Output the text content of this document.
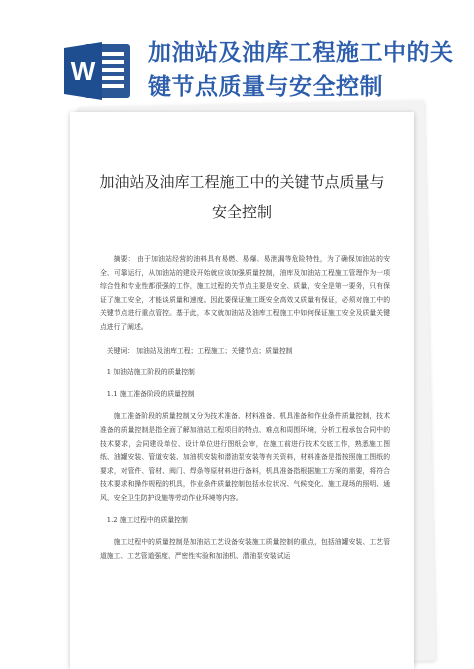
W
加油站及油库工程施工中的关键节点质量与安全控制
加油站及油库工程施工中的关键节点质量与安全控制

摘要： 由于加油站经营的油料具有易燃、易爆、易泄漏等危险特性，为了确保加油站的安全、可靠运行，从加油站的建设开始就应该加强质量控制，油库及加油站工程施工管理作为一项综合性和专业性都很强的工作，施工过程的关节点主要是安全、质量，安全是第一要务，只有保证了施工安全，才能谈质量和速度。因此要保证施工既安全高效又质量有保证，必须对施工中的关键节点进行重点管控。基于此，本文就加油站及油库工程施工中如何保证施工安全及质量关键点进行了阐述。

关键词： 加油站及油库工程；工程施工；关键节点；质量控制

1 加油站施工阶段的质量控制

1.1 施工准备阶段的质量控制

施工准备阶段的质量控制又分为技术准备、材料准备、机具准备和作业条件质量控制，技术准备的质量控制是指全面了解加油站工程项目的特点、难点和周围环境，分析工程承包合同中的技术要求，会同建设单位、设计单位进行图纸会审，在施工前进行技术交底工作，熟悉施工图纸、油罐安装、管道安装、加油机安装和潜油泵安装等有关资料，材料准备是指按照施工图纸的要求，对管件、管材、阀门、焊条等原材料进行备料，机具准备指根据施工方案的需要，将符合技术要求和操作规程的机具，作业条件质量控制包括水位状况、气候变化、施工现场的照明、通风、安全卫生防护设施等劳动作业环境等内容。

1.2 施工过程中的质量控制

施工过程中的质量控制是加油站工艺设备安装施工质量控制的重点，包括油罐安装、工艺管道施工、工艺管道强度、严密性实验和加油机、潜油泵安装试运
